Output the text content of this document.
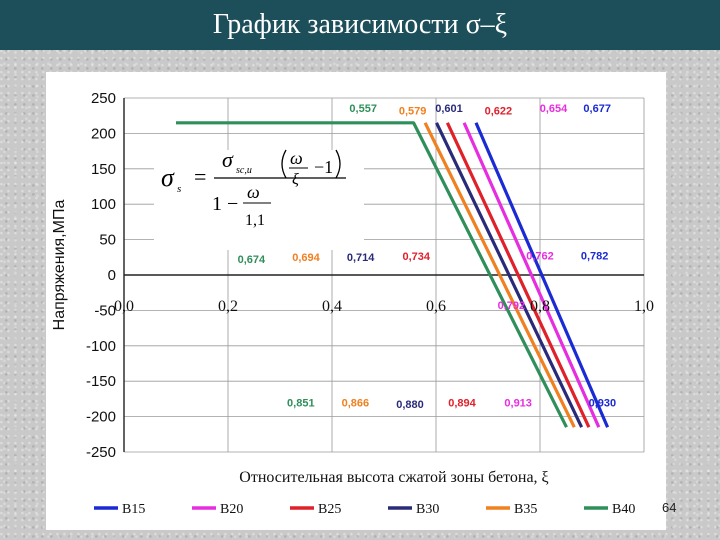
График зависимости σ–ξ
0,557 0,579 0,601 0,622	0,654 0,677
0,674 0,694 0,714	0,734	0,762 0,782
0,792
0,851 0,866 0,880 0,894	0,913	0,930
σ s =
σ sc,u
ω
ξ
−1
1 −
ω
1,1
250
200
150
100
50
0
-50
-100
-150
-200
-250
0,0	0,2	0,4	0,6	0,8	1,0
Относительная высота сжатой зоны бетона, ξ
Напряжения,МПа
В15	В20	В25	В30	В35	В40 64
